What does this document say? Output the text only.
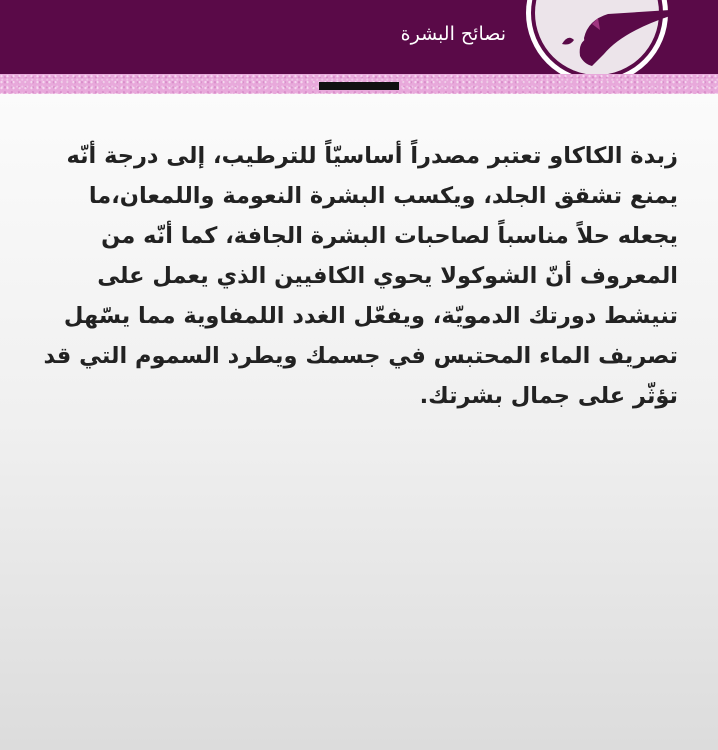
نصائح البشرة

زبدة الكاكاو تعتبر مصدراً أساسيّاً للترطيب، إلى درجة أنّه يمنع تشقق الجلد، ويكسب البشرة النعومة واللمعان،ما يجعله حلاً مناسباً لصاحبات البشرة الجافة، كما أنّه من المعروف أنّ الشوكولا يحوي الكافيين الذي يعمل على تنيشط دورتك الدمويّة، ويفعّل الغدد اللمفاوية مما يسّهل تصريف الماء المحتبس في جسمك ويطرد السموم التي قد تؤثّر على جمال بشرتك.
